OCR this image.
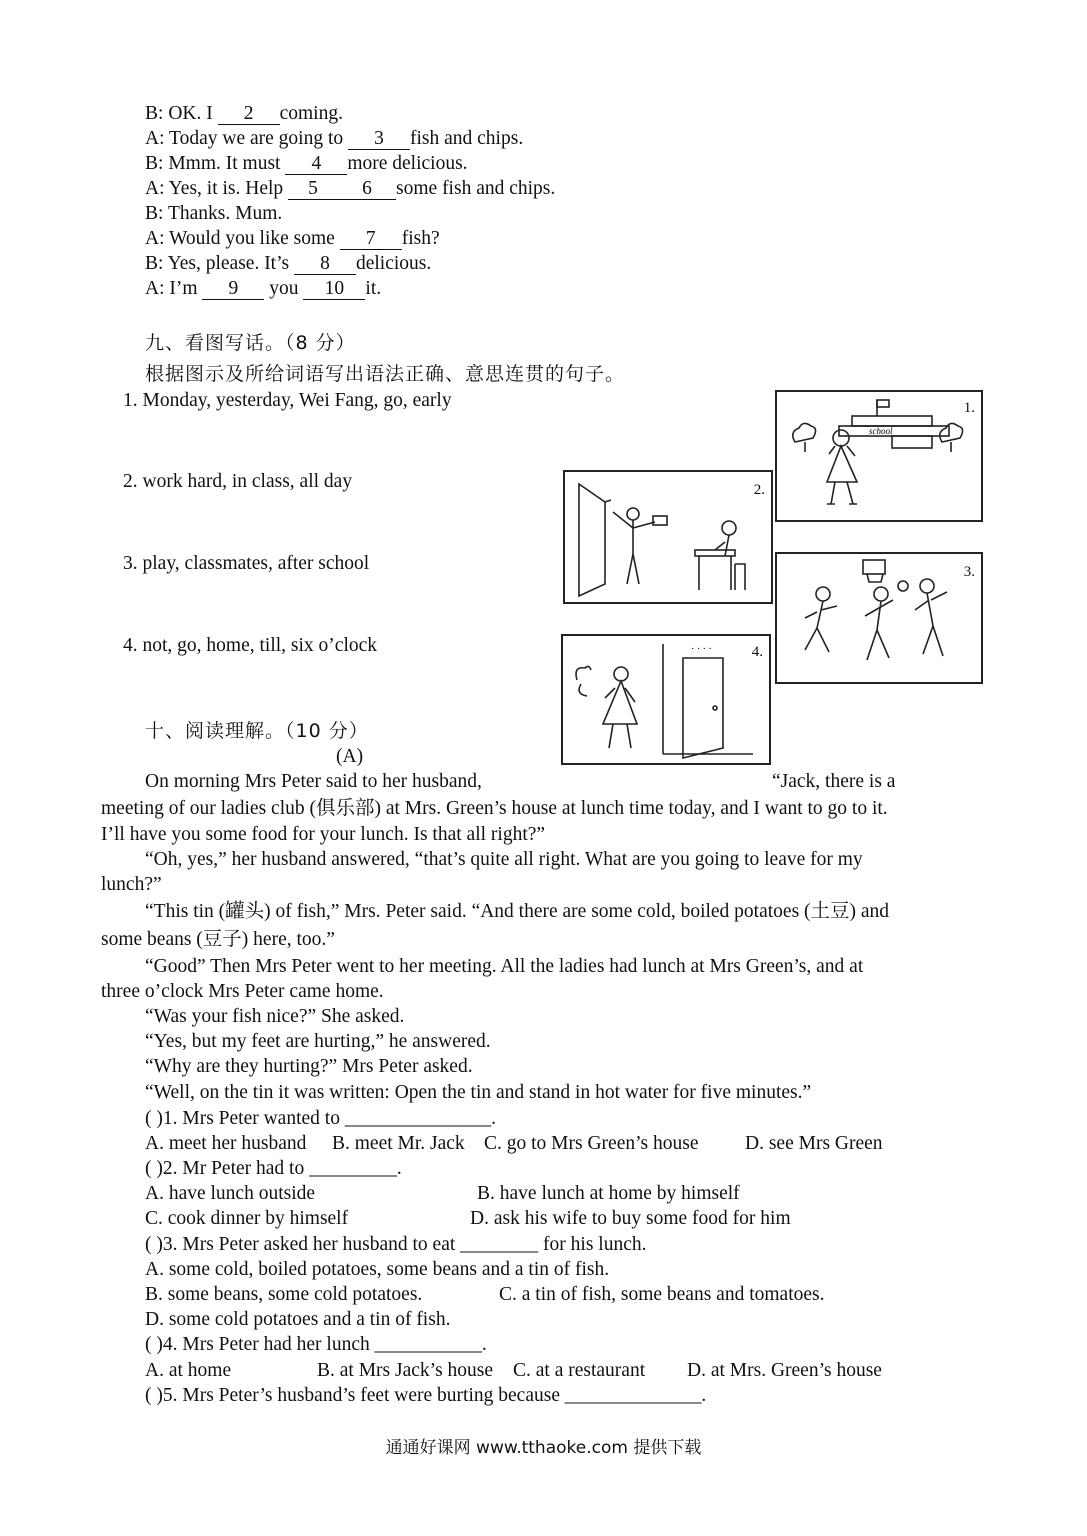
B: OK. I 2 coming.
A: Today we are going to 3 fish and chips.
B: Mmm. It must 4 more delicious.
A: Yes, it is. Help 5 6 some fish and chips.
B: Thanks. Mum.
A: Would you like some 7 fish?
B: Yes, please. It’s 8 delicious.
A: I’m 9 you 10 it.
九、看图写话。（8 分）
根据图示及所给词语写出语法正确、意思连贯的句子。
1. Monday, yesterday, Wei Fang, go, early
2. work hard, in class, all day
3. play, classmates, after school
4. not, go, home, till, six o’clock
school
1.
2.
3.
· · · ·	4.
十、阅读理解。（10 分）
(A)
On morning Mrs Peter said to her husband,	“Jack, there is a
meeting of our ladies club (俱乐部) at Mrs. Green’s house at lunch time today, and I want to go to it.
I’ll have you some food for your lunch. Is that all right?”
“Oh, yes,” her husband answered, “that’s quite all right. What are you going to leave for my
lunch?”
“This tin (罐头) of fish,” Mrs. Peter said. “And there are some cold, boiled potatoes (土豆) and
some beans (豆子) here, too.”
“Good” Then Mrs Peter went to her meeting. All the ladies had lunch at Mrs Green’s, and at
three o’clock Mrs Peter came home.
“Was your fish nice?” She asked.
“Yes, but my feet are hurting,” he answered.
“Why are they hurting?” Mrs Peter asked.
“Well, on the tin it was written: Open the tin and stand in hot water for five minutes.”
( )1. Mrs Peter wanted to _______________.
A. meet her husband B. meet Mr. Jack C. go to Mrs Green’s house D. see Mrs Green
( )2. Mr Peter had to _________.
A. have lunch outside	B. have lunch at home by himself
C. cook dinner by himself	D. ask his wife to buy some food for him
( )3. Mrs Peter asked her husband to eat ________ for his lunch.
A. some cold, boiled potatoes, some beans and a tin of fish.
B. some beans, some cold potatoes.	C. a tin of fish, some beans and tomatoes.
D. some cold potatoes and a tin of fish.
( )4. Mrs Peter had her lunch ___________.
A. at home	B. at Mrs Jack’s house C. at a restaurant D. at Mrs. Green’s house
( )5. Mrs Peter’s husband’s feet were burting because ______________.
通通好课网 www.tthaoke.com 提供下载
